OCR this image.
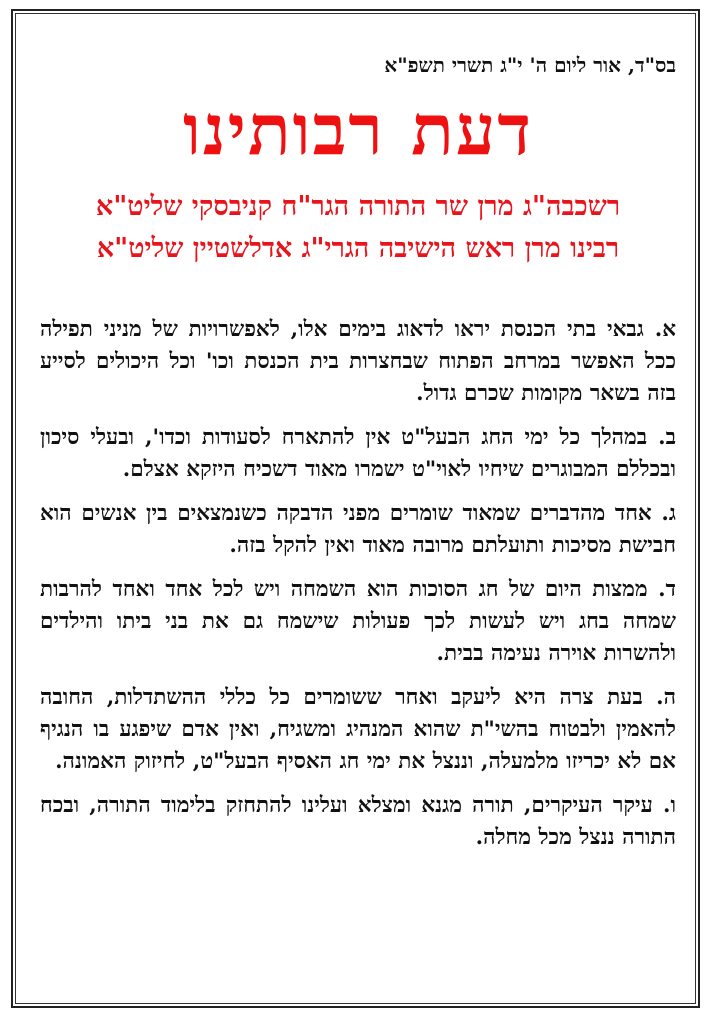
בס"ד, אור ליום ה' י"ג תשרי תשפ"א

דעת רבותינו

רשכבה"ג מרן שר התורה הגר"ח קניבסקי שליט"א

רבינו מרן ראש הישיבה הגרי"ג אדלשטיין שליט"א

א. גבאי בתי הכנסת יראו לדאוג בימים אלו, לאפשרויות של מניני תפילה ככל האפשר במרחב הפתוח שבחצרות בית הכנסת וכו' וכל היכולים לסייע בזה בשאר מקומות שכרם גדול.

ב. במהלך כל ימי החג הבעל"ט אין להתארח לסעודות וכדו', ובעלי סיכון ובכללם המבוגרים שיחיו לאוי"ט ישמרו מאוד דשכיח היזקא אצלם.

ג. אחד מהדברים שמאוד שומרים מפני הדבקה כשנמצאים בין אנשים הוא חבישת מסיכות ותועלתם מרובה מאוד ואין להקל בזה.

ד. ממצות היום של חג הסוכות הוא השמחה ויש לכל אחד ואחד להרבות שמחה בחג ויש לעשות לכך פעולות שישמח גם את בני ביתו והילדים ולהשרות אוירה נעימה בבית.

ה. בעת צרה היא ליעקב ואחר ששומרים כל כללי ההשתדלות, החובה להאמין ולבטוח בהשי"ת שהוא המנהיג ומשגיח, ואין אדם שיפגע בו הנגיף אם לא יכריזו מלמעלה, וננצל את ימי חג האסיף הבעל"ט, לחיזוק האמונה.

ו. עיקר העיקרים, תורה מגנא ומצלא ועלינו להתחזק בלימוד התורה, ובכח התורה ננצל מכל מחלה.
